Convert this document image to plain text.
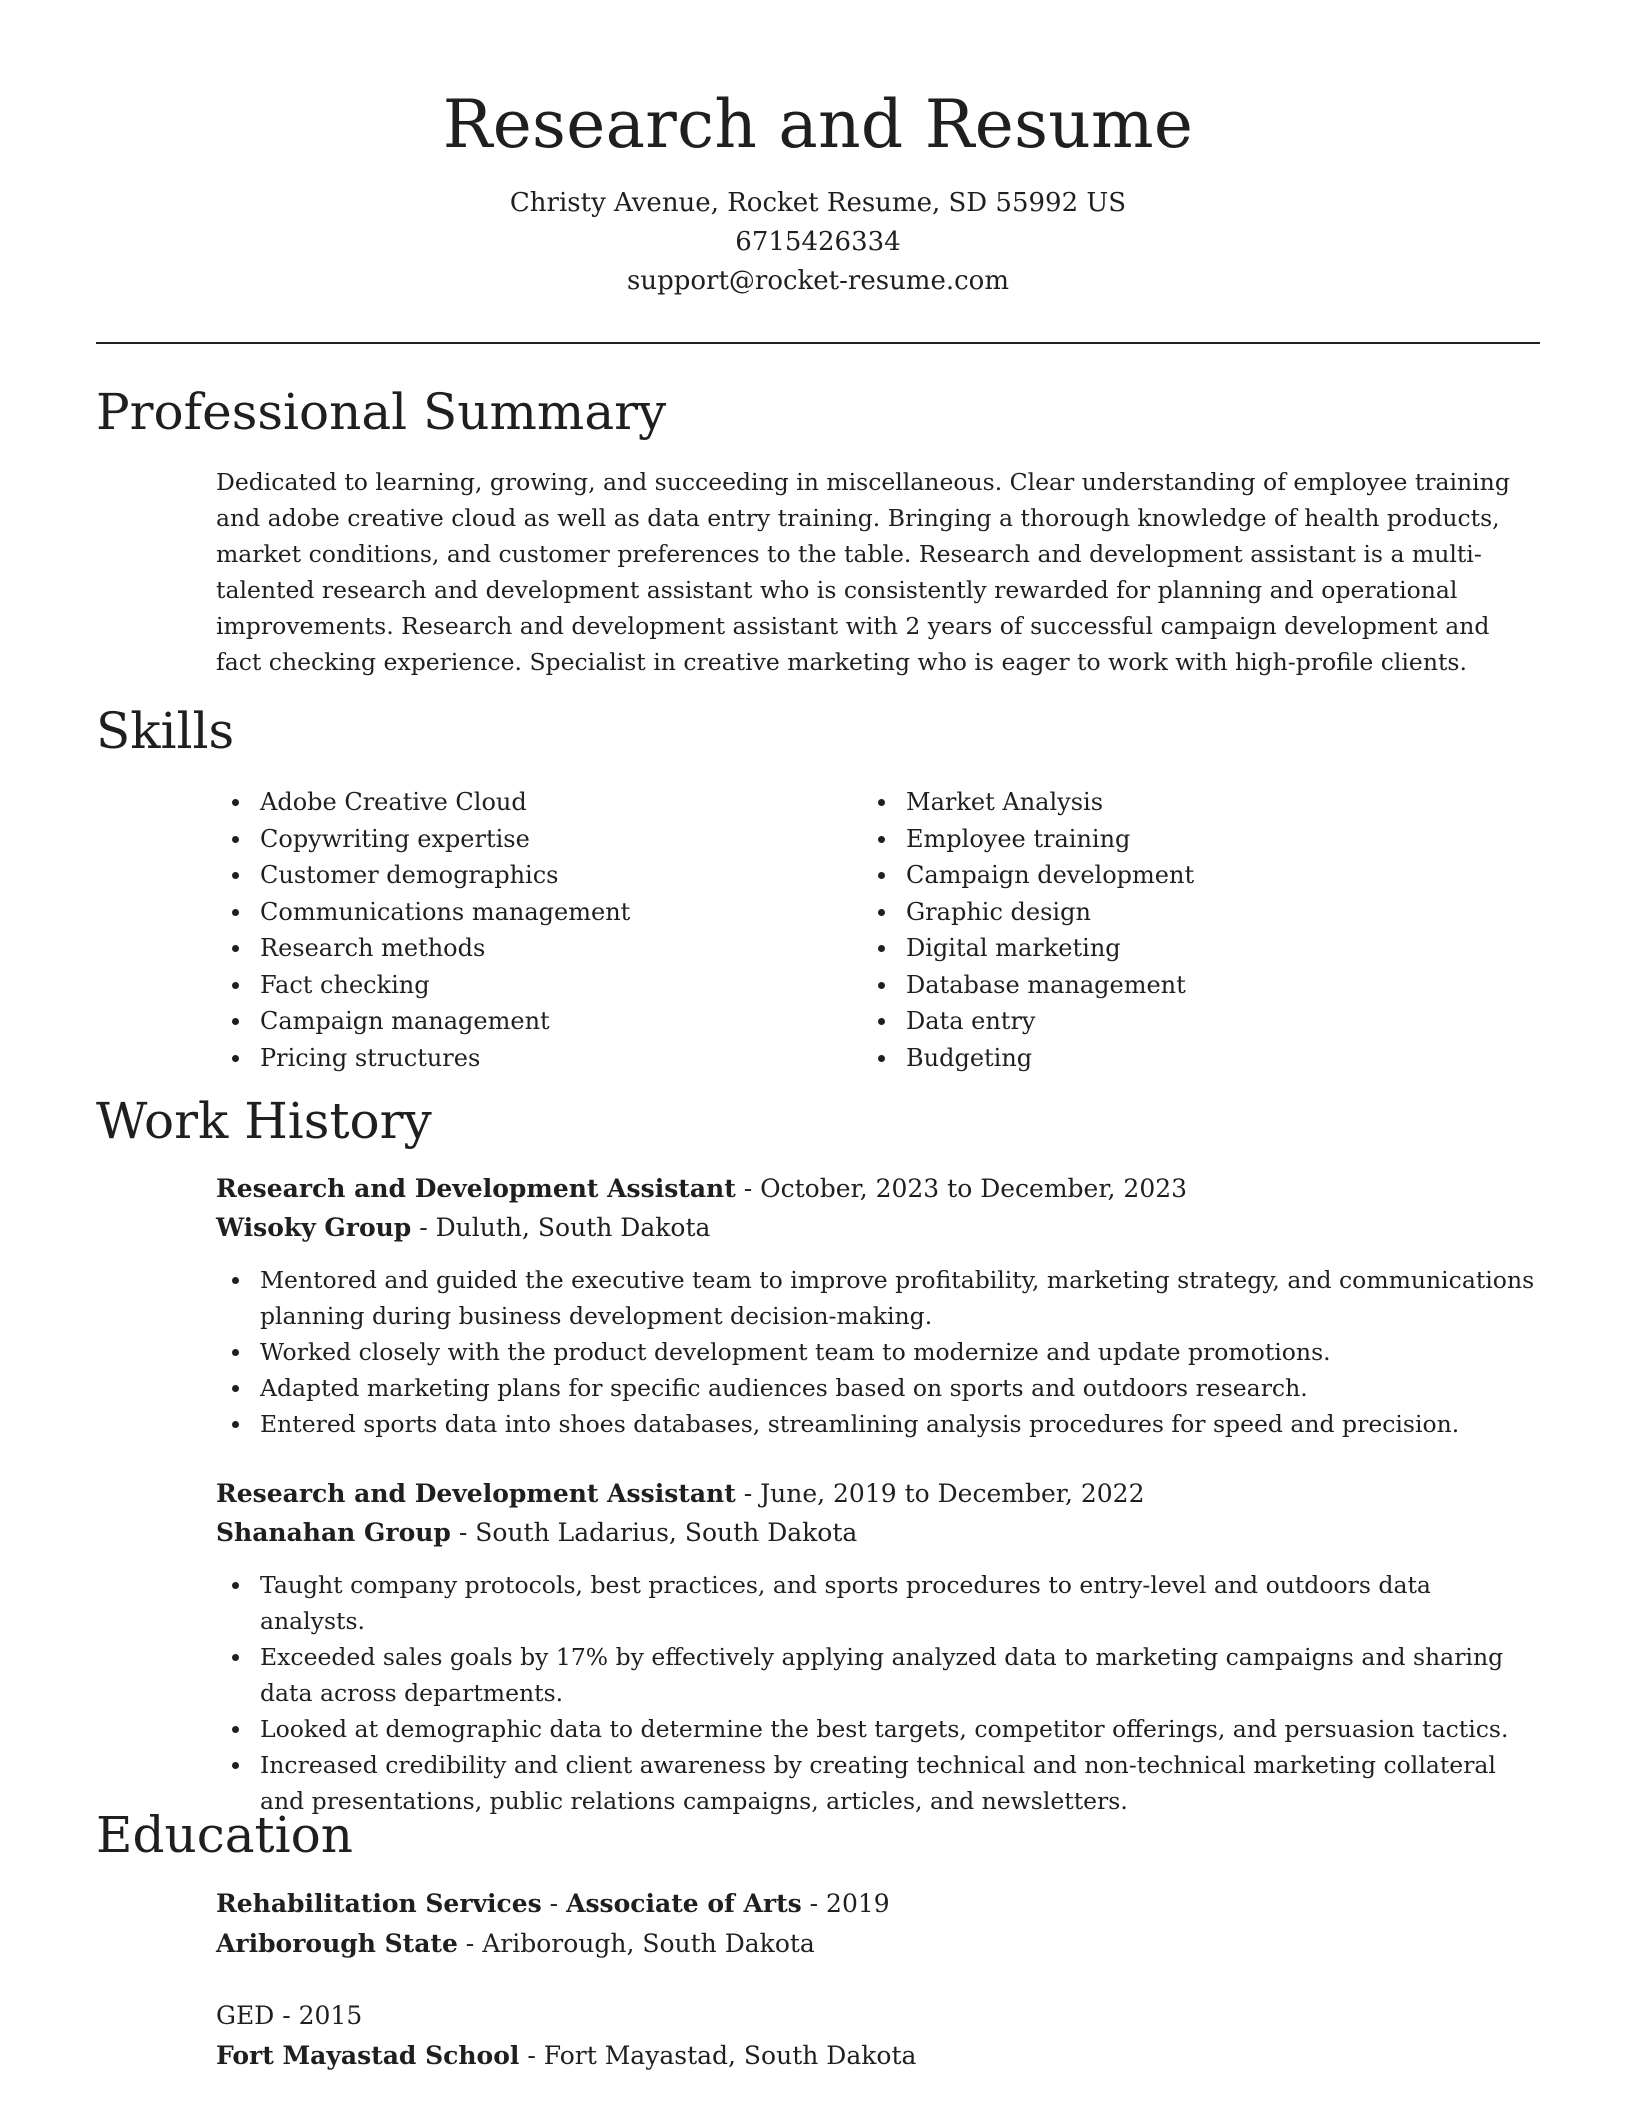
Research and Resume
Christy Avenue, Rocket Resume, SD 55992 US
6715426334
support@rocket-resume.com
Professional Summary

Dedicated to learning, growing, and succeeding in miscellaneous. Clear understanding of employee training and adobe creative cloud as well as data entry training. Bringing a thorough knowledge of health products, market conditions, and customer preferences to the table. Research and development assistant is a multi-talented research and development assistant who is consistently rewarded for planning and operational improvements. Research and development assistant with 2 years of successful campaign development and fact checking experience. Specialist in creative marketing who is eager to work with high-profile clients.

Skills
Adobe Creative Cloud
Copywriting expertise
Customer demographics
Communications management
Research methods
Fact checking
Campaign management
Pricing structures
Market Analysis
Employee training
Campaign development
Graphic design
Digital marketing
Database management
Data entry
Budgeting
Work History
Research and Development Assistant - October, 2023 to December, 2023
Wisoky Group - Duluth, South Dakota
Mentored and guided the executive team to improve profitability, marketing strategy, and communications planning during business development decision-making.
Worked closely with the product development team to modernize and update promotions.
Adapted marketing plans for specific audiences based on sports and outdoors research.
Entered sports data into shoes databases, streamlining analysis procedures for speed and precision.
Research and Development Assistant - June, 2019 to December, 2022
Shanahan Group - South Ladarius, South Dakota
Taught company protocols, best practices, and sports procedures to entry-level and outdoors data analysts.
Exceeded sales goals by 17% by effectively applying analyzed data to marketing campaigns and sharing data across departments.
Looked at demographic data to determine the best targets, competitor offerings, and persuasion tactics.
Increased credibility and client awareness by creating technical and non-technical marketing collateral and presentations, public relations campaigns, articles, and newsletters.
Education
Rehabilitation Services - Associate of Arts - 2019
Ariborough State - Ariborough, South Dakota
GED - 2015
Fort Mayastad School - Fort Mayastad, South Dakota
